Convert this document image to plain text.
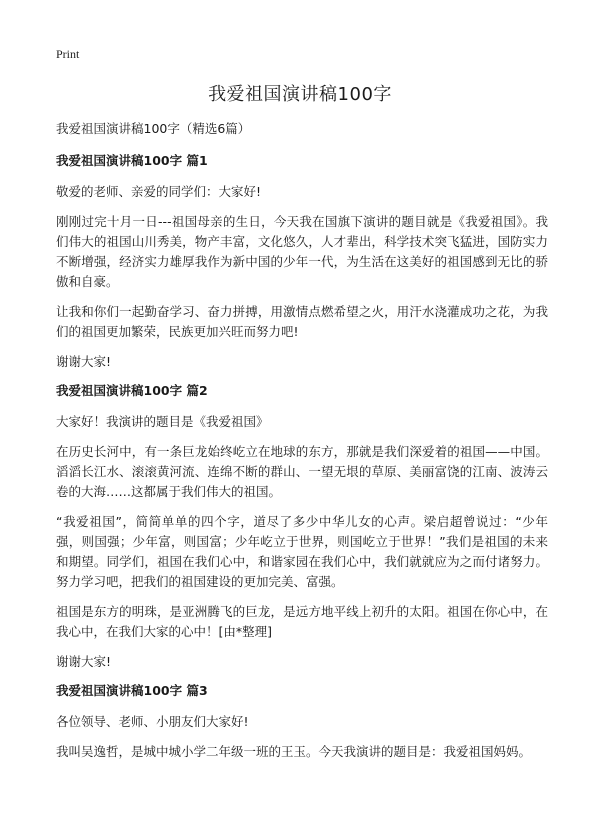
Print
我爱祖国演讲稿100字

我爱祖国演讲稿100字（精选6篇）

我爱祖国演讲稿100字 篇1

敬爱的老师、亲爱的同学们：大家好!

刚刚过完十月一日---祖国母亲的生日，今天我在国旗下演讲的题目就是《我爱祖国》。我们伟大的祖国山川秀美，物产丰富，文化悠久，人才辈出，科学技术突飞猛进，国防实力不断增强，经济实力雄厚我作为新中国的少年一代，为生活在这美好的祖国感到无比的骄傲和自豪。

让我和你们一起勤奋学习、奋力拼搏，用激情点燃希望之火，用汗水浇灌成功之花，为我们的祖国更加繁荣，民族更加兴旺而努力吧!

谢谢大家!

我爱祖国演讲稿100字 篇2

大家好！我演讲的题目是《我爱祖国》

在历史长河中，有一条巨龙始终屹立在地球的东方，那就是我们深爱着的祖国——中国。滔滔长江水、滚滚黄河流、连绵不断的群山、一望无垠的草原、美丽富饶的江南、波涛云卷的大海……这都属于我们伟大的祖国。

“我爱祖国”，简简单单的四个字，道尽了多少中华儿女的心声。梁启超曾说过：“少年强，则国强；少年富，则国富；少年屹立于世界，则国屹立于世界！”我们是祖国的未来和期望。同学们，祖国在我们心中，和谐家园在我们心中，我们就就应为之而付诸努力。努力学习吧，把我们的祖国建设的更加完美、富强。

祖国是东方的明珠，是亚洲腾飞的巨龙，是远方地平线上初升的太阳。祖国在你心中，在我心中，在我们大家的心中！[由*整理]

谢谢大家!

我爱祖国演讲稿100字 篇3

各位领导、老师、小朋友们大家好!

我叫吴逸哲，是城中城小学二年级一班的王玉。今天我演讲的题目是：我爱祖国妈妈。
